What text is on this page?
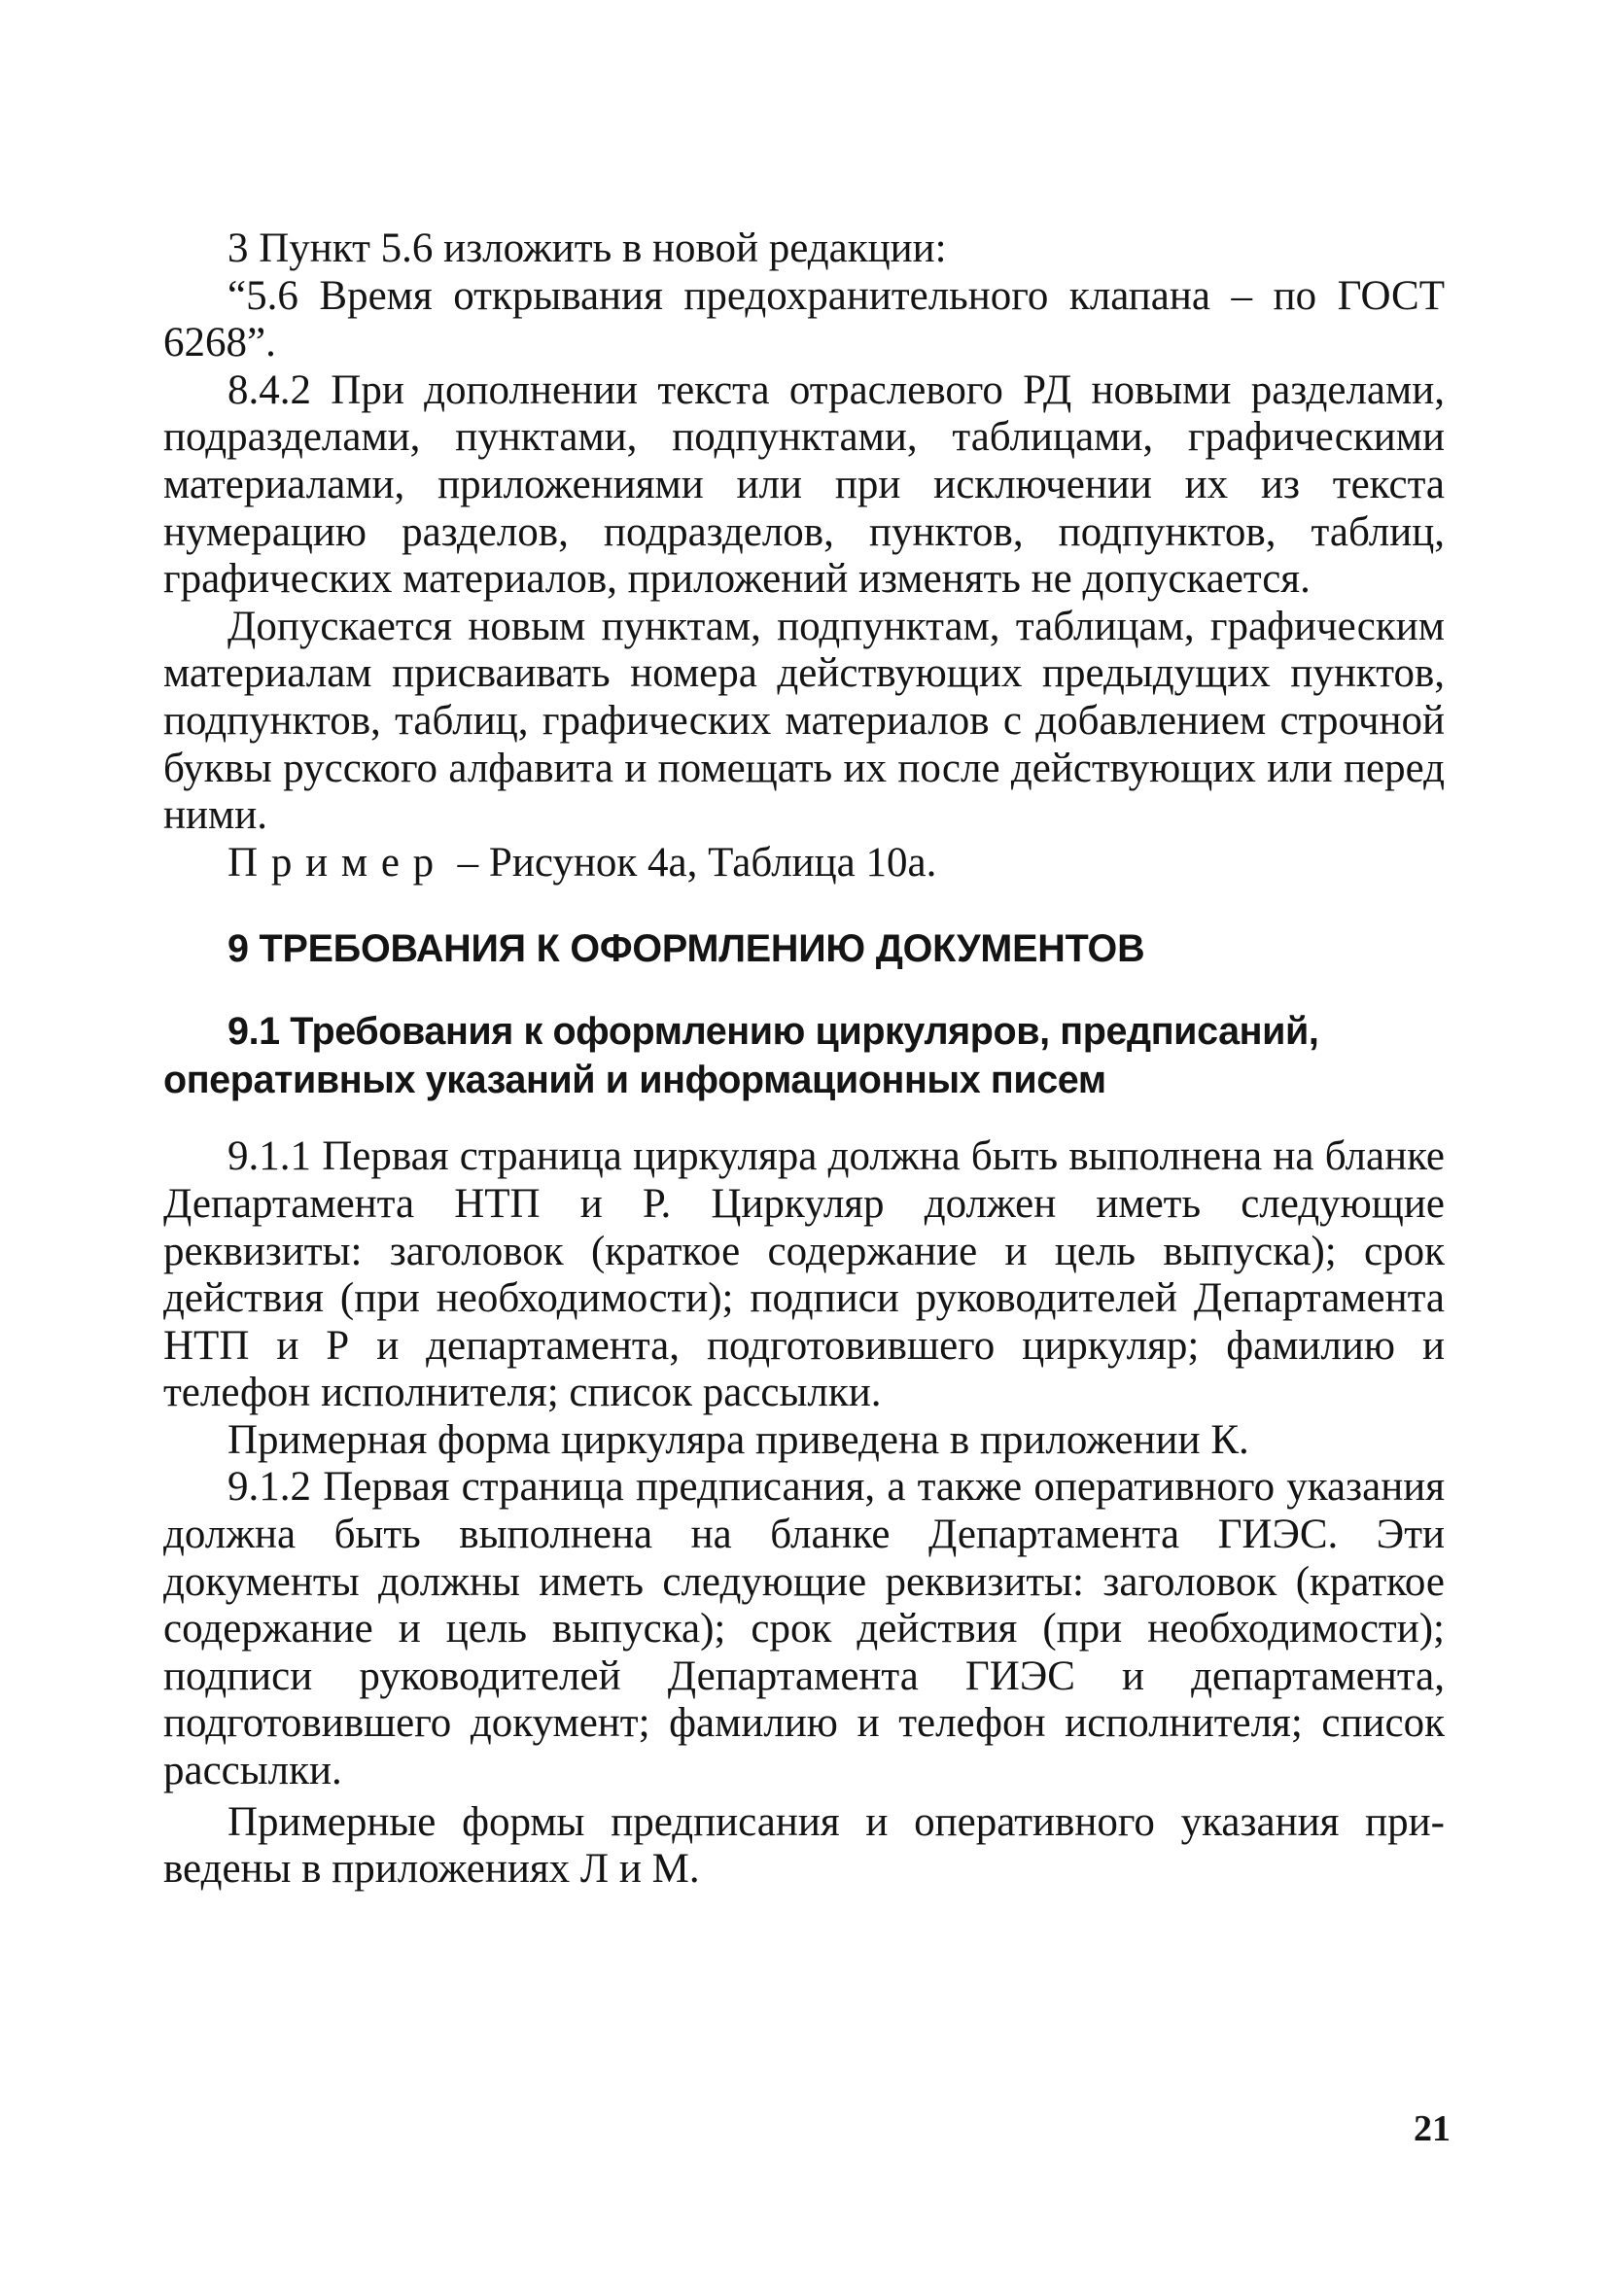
3 Пункт 5.6 изложить в новой редакции:

“5.6 Время открывания предохранительного клапана – по ГОСТ 6268”.

8.4.2 При дополнении текста отраслевого РД новыми разделами, подразделами, пунктами, подпунктами, таблицами, графическими материалами, приложениями или при исключении их из текста нумерацию разделов, подразделов, пунктов, подпунктов, таблиц, графических материалов, приложений изменять не допускается.

Допускается новым пунктам, подпунктам, таблицам, графическим материалам присваивать номера действующих предыдущих пунктов, подпунктов, таблиц, графических материалов с добавлением строчной буквы русского алфавита и помещать их после действующих или перед ними.

Пример – Рисунок 4а, Таблица 10а.

9 ТРЕБОВАНИЯ К ОФОРМЛЕНИЮ ДОКУМЕНТОВ

9.1 Требования к оформлению циркуляров, предписаний,
оперативных указаний и информационных писем

9.1.1 Первая страница циркуляра должна быть выполнена на бланке Департамента НТП и Р. Циркуляр должен иметь следующие реквизиты: заголовок (краткое содержание и цель выпуска); срок действия (при необходимости); подписи руководителей Департамента НТП и Р и департамента, подготовившего циркуляр; фамилию и телефон исполнителя; список рассылки.

Примерная форма циркуляра приведена в приложении К.

9.1.2 Первая страница предписания, а также оперативного указания должна быть выполнена на бланке Департамента ГИЭС. Эти документы должны иметь следующие реквизиты: заголовок (краткое содержание и цель выпуска); срок действия (при необходимости); подписи руководителей Департамента ГИЭС и департамента, подготовившего документ; фамилию и телефон исполнителя; список рассылки.

Примерные формы предписания и оперативного указания приведены в приложениях Л и М.

21
